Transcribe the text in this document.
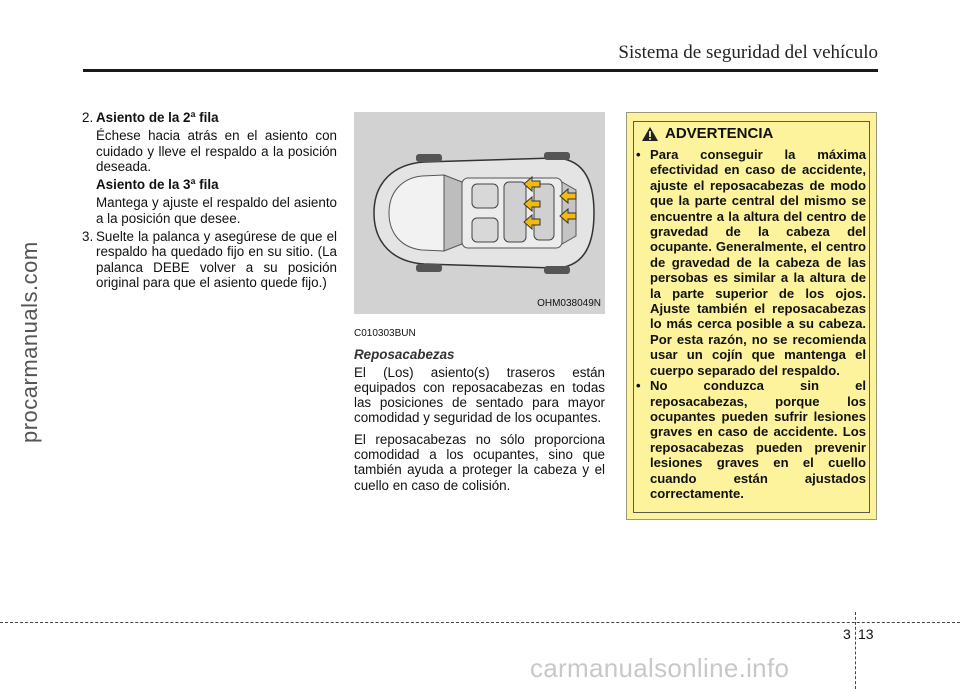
Sistema de seguridad del vehículo
procarmanuals.com
2. Asiento de la 2ª fila

Échese hacia atrás en el asiento con cuidado y lleve el respaldo a la posición deseada.

Asiento de la 3ª fila

Mantega y ajuste el respaldo del asiento a la posición que desee.

3. Suelte la palanca y asegúrese de que el respaldo ha quedado fijo en su sitio. (La palanca DEBE volver a su posición original para que el asiento quede fijo.)

OHM038049N
C010303BUN
Reposacabezas

El (Los) asiento(s) traseros están equipados con reposacabezas en todas las posiciones de sentado para mayor comodidad y seguridad de los ocupantes.

El reposacabezas no sólo proporciona comodidad a los ocupantes, sino que también ayuda a proteger la cabeza y el cuello en caso de colisión.

ADVERTENCIA
• Para conseguir la máxima efectividad en caso de accidente, ajuste el reposacabezas de modo que la parte central del mismo se encuentre a la altura del centro de gravedad de la cabeza del ocupante. Generalmente, el centro de gravedad de la cabeza de las persobas es similar a la altura de la parte superior de los ojos. Ajuste también el reposacabezas lo más cerca posible a su cabeza. Por esta razón, no se recomienda usar un cojín que mantenga el cuerpo separado del respaldo.
• No conduzca sin el reposacabezas, porque los ocupantes pueden sufrir lesiones graves en caso de accidente. Los reposacabezas pueden prevenir lesiones graves en el cuello cuando están ajustados correctamente.
3 13
carmanualsonline.info
